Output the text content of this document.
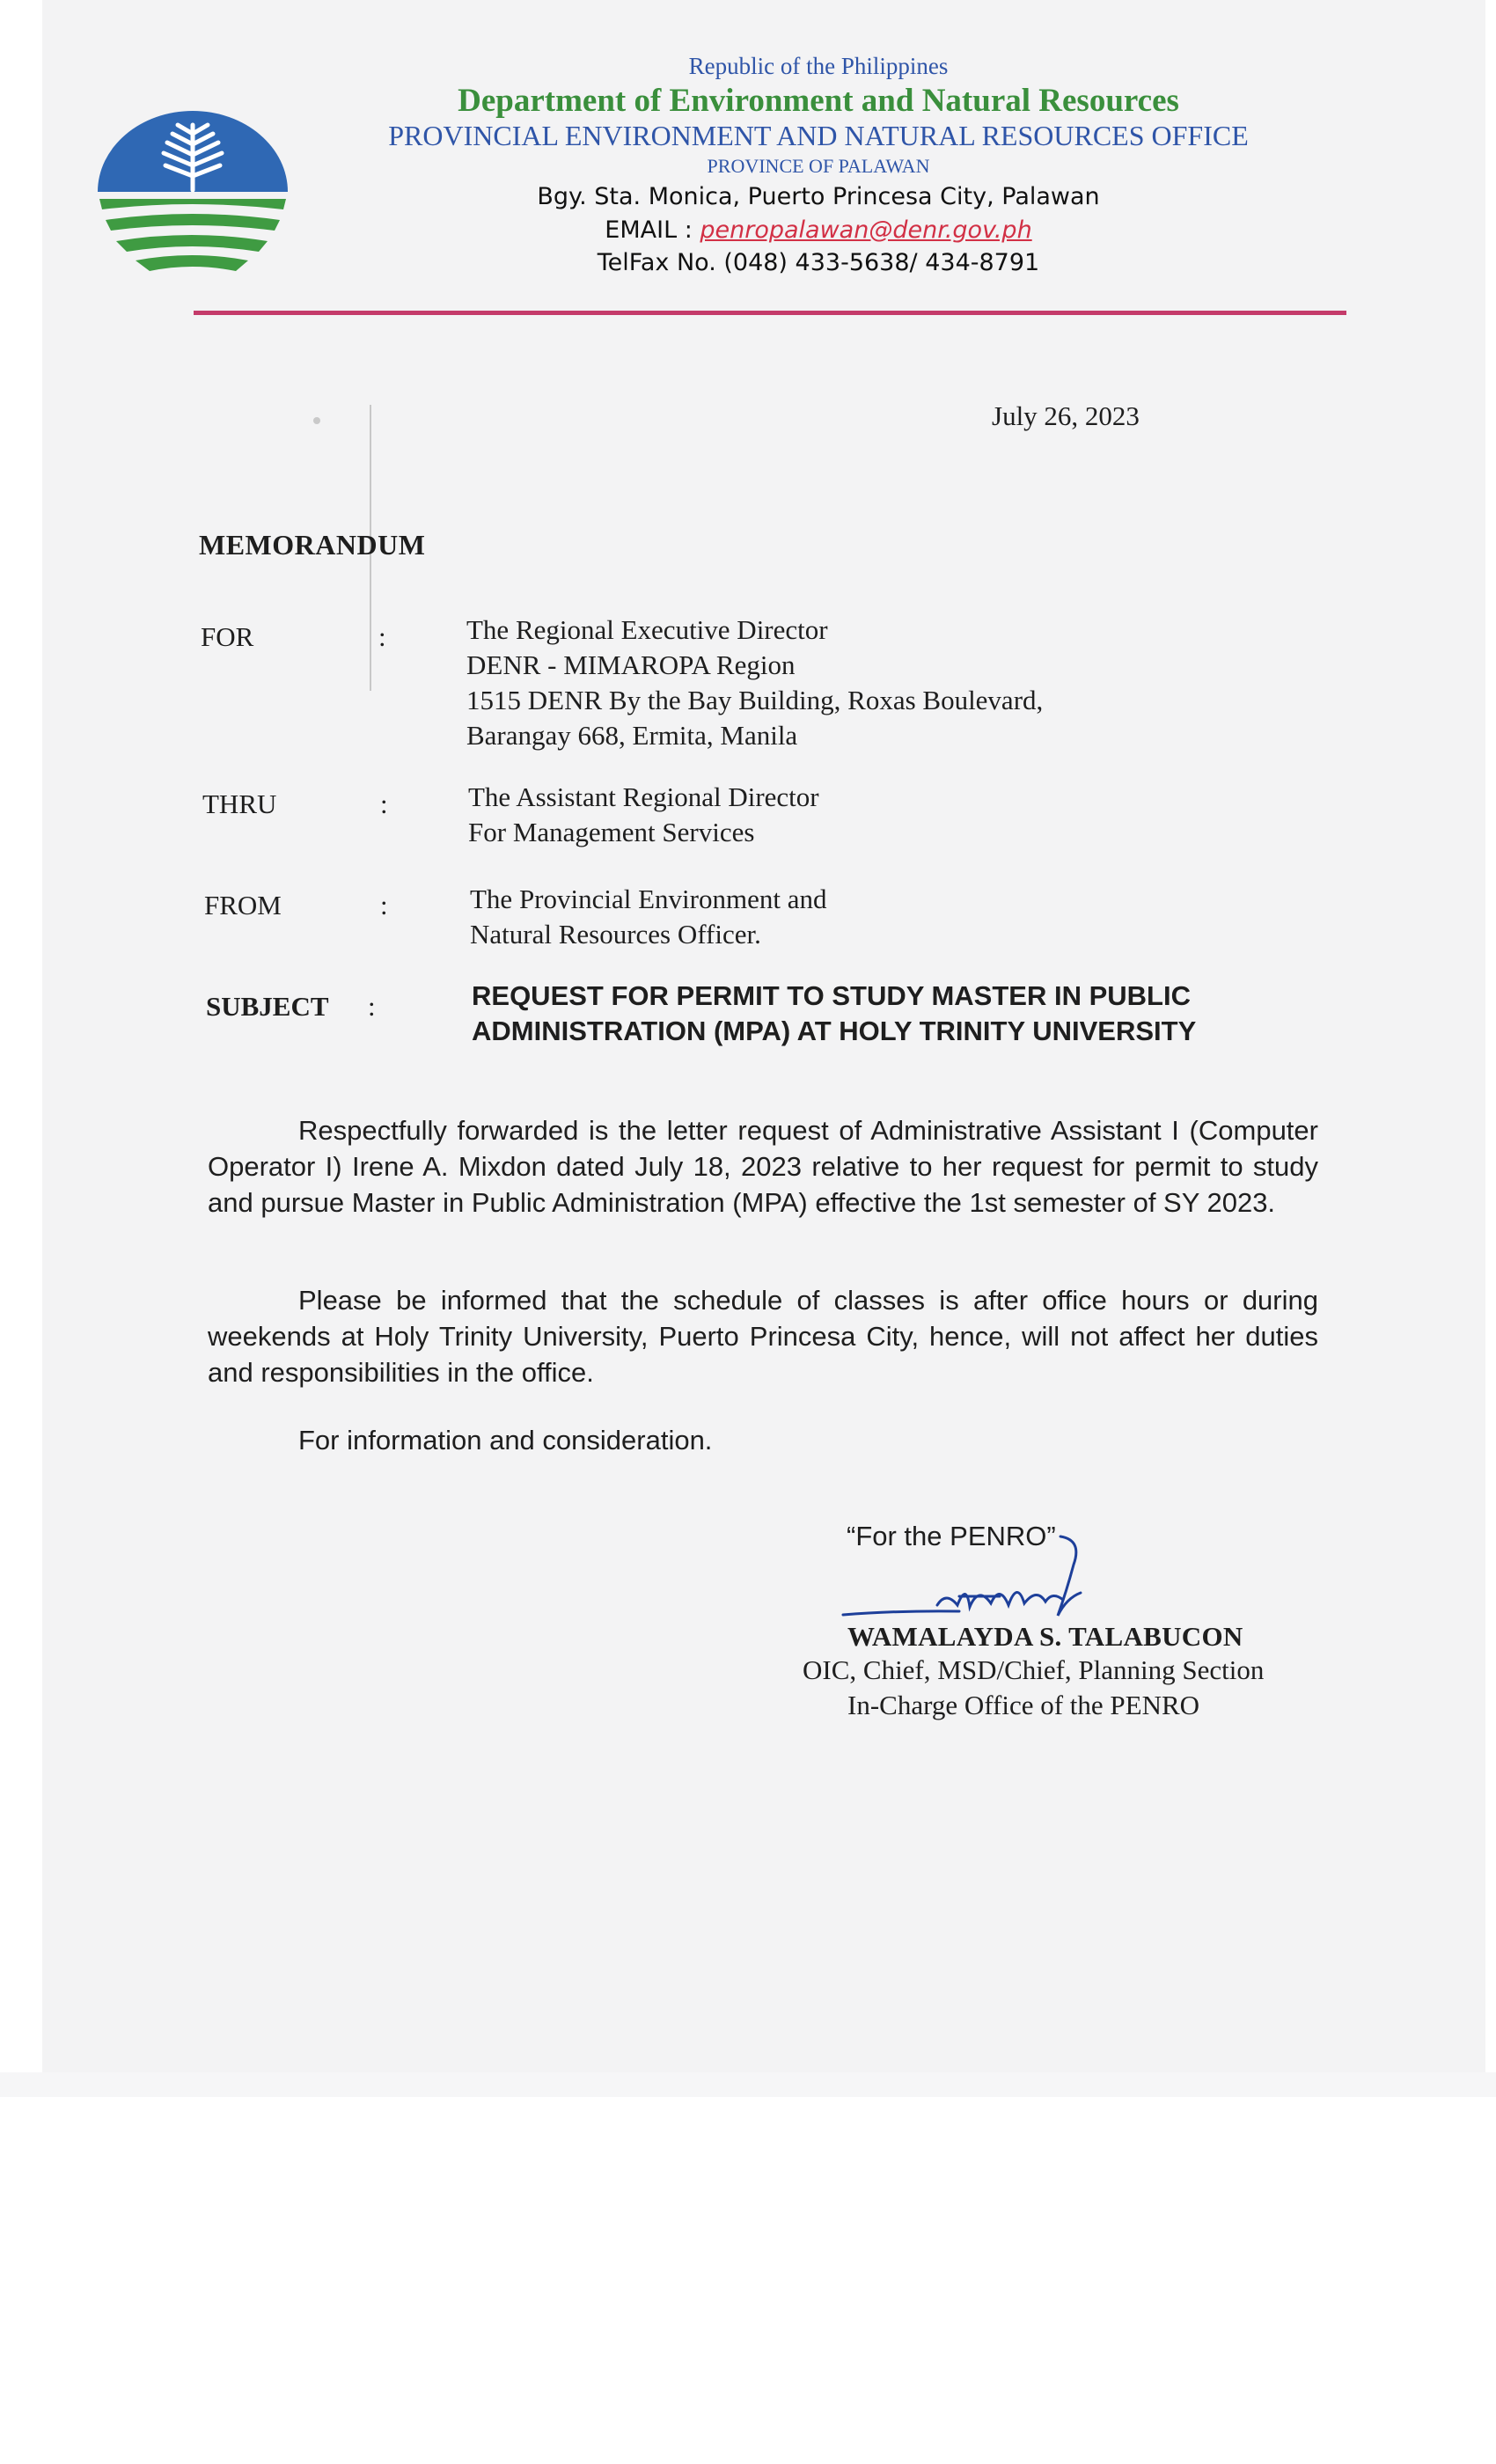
Republic of the Philippines

Department of Environment and Natural Resources

PROVINCIAL ENVIRONMENT AND NATURAL RESOURCES OFFICE

PROVINCE OF PALAWAN

Bgy. Sta. Monica, Puerto Princesa City, Palawan

EMAIL : penropalawan@denr.gov.ph

TelFax No. (048) 433-5638/ 434-8791

July 26, 2023
MEMORANDUM
FOR	:	The Regional Executive Director
DENR - MIMAROPA Region
1515 DENR By the Bay Building, Roxas Boulevard,
Barangay 668, Ermita, Manila
THRU	:	The Assistant Regional Director
For Management Services
FROM	:	The Provincial Environment and
Natural Resources Officer.
SUBJECT :	REQUEST FOR PERMIT TO STUDY MASTER IN PUBLIC
ADMINISTRATION (MPA) AT HOLY TRINITY UNIVERSITY

Respectfully forwarded is the letter request of Administrative Assistant I (Computer Operator I) Irene A. Mixdon dated July 18, 2023 relative to her request for permit to study and pursue Master in Public Administration (MPA) effective the 1st semester of SY 2023.

Please be informed that the schedule of classes is after office hours or during weekends at Holy Trinity University, Puerto Princesa City, hence, will not affect her duties and responsibilities in the office.

For information and consideration.
“For the PENRO”
WAMALAYDA S. TALABUCON
OIC, Chief, MSD/Chief, Planning Section
In-Charge Office of the PENRO
